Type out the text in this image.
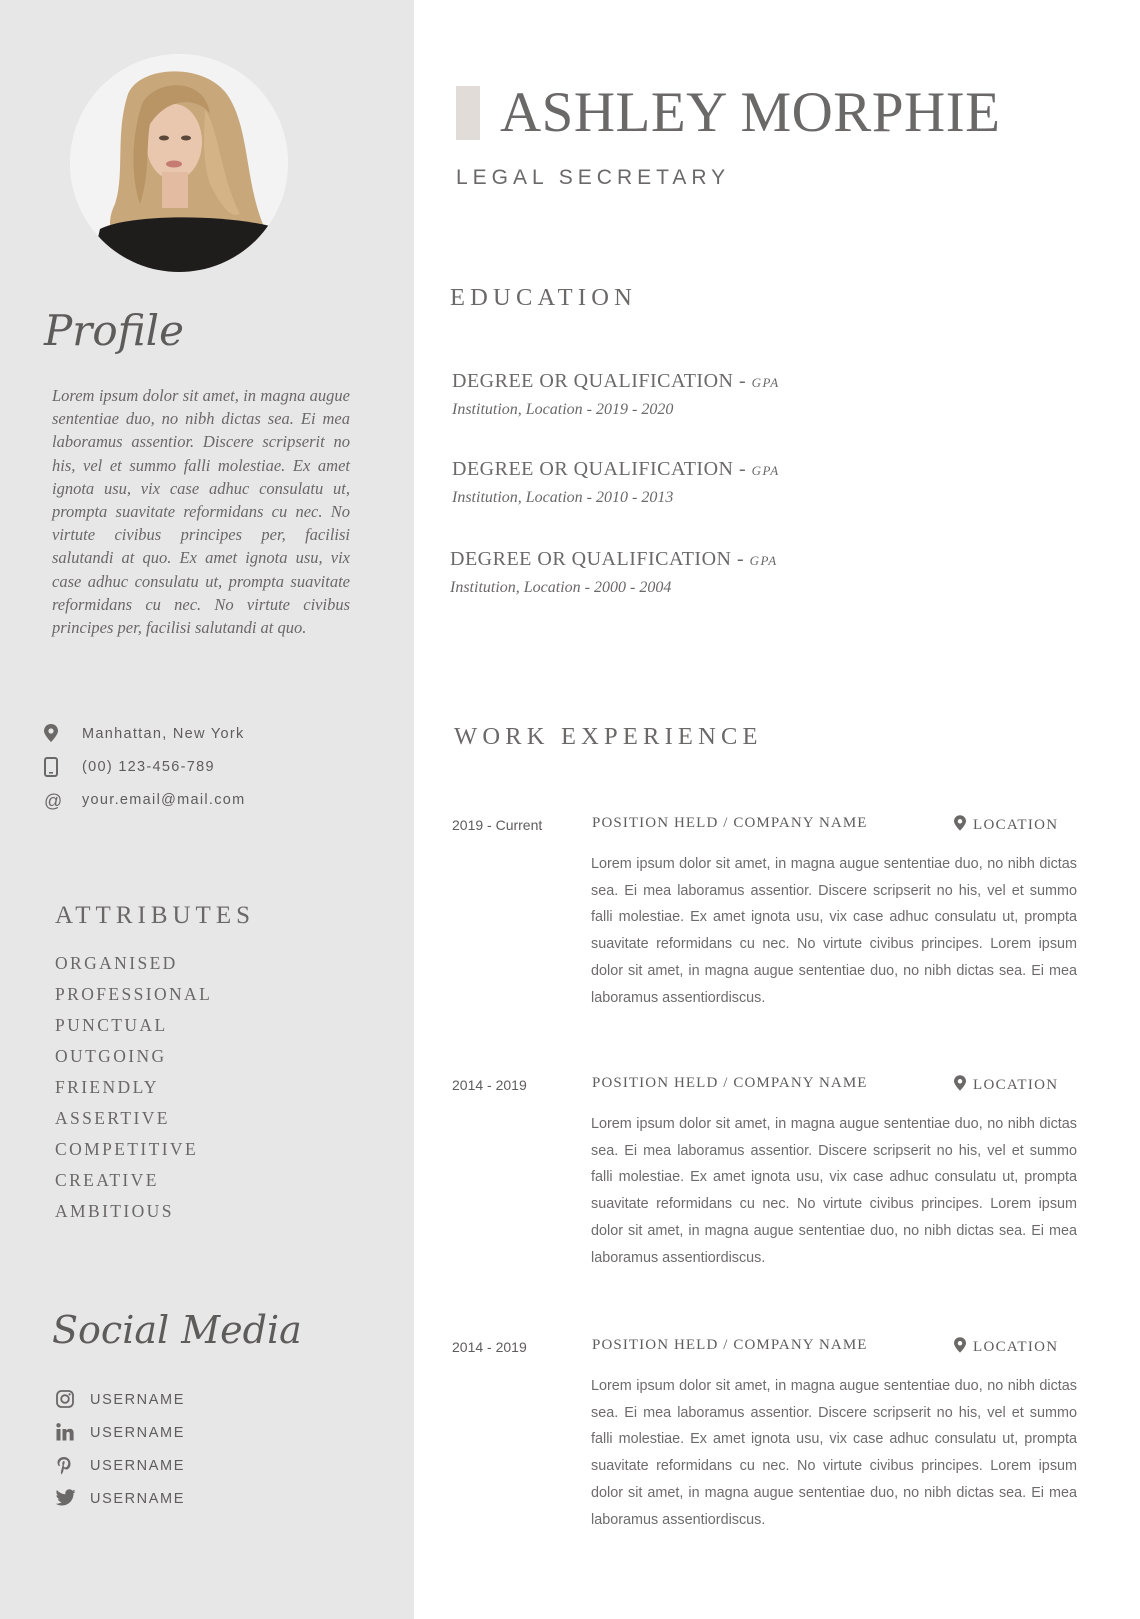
Profile

Lorem ipsum dolor sit amet, in magna augue sententiae duo, no nibh dictas sea. Ei mea laboramus assentior. Discere scripserit no his, vel et summo falli molestiae. Ex amet ignota usu, vix case adhuc consulatu ut, prompta suavitate reformidans cu nec. No virtute civibus principes per, facilisi salutandi at quo. Ex amet ignota usu, vix case adhuc consulatu ut, prompta suavitate reformidans cu nec. No virtute civibus principes per, facilisi salutandi at quo.

Manhattan, New York
(00) 123-456-789
@ your.email@mail.com
ATTRIBUTES
ORGANISED
PROFESSIONAL
PUNCTUAL
OUTGOING
FRIENDLY
ASSERTIVE
COMPETITIVE
CREATIVE
AMBITIOUS
Social Media
USERNAME
USERNAME
USERNAME
USERNAME
ASHLEY MORPHIE
LEGAL SECRETARY
EDUCATION
DEGREE OR QUALIFICATION - GPA
Institution, Location - 2019 - 2020
DEGREE OR QUALIFICATION - GPA
Institution, Location - 2010 - 2013
DEGREE OR QUALIFICATION - GPA
Institution, Location - 2000 - 2004
WORK EXPERIENCE
2019 - Current	POSITION HELD / COMPANY NAME	LOCATION

Lorem ipsum dolor sit amet, in magna augue sententiae duo, no nibh dictas sea. Ei mea laboramus assentior. Discere scripserit no his, vel et summo falli molestiae. Ex amet ignota usu, vix case adhuc consulatu ut, prompta suavitate reformidans cu nec. No virtute civibus principes. Lorem ipsum dolor sit amet, in magna augue sententiae duo, no nibh dictas sea. Ei mea laboramus assentiordiscus.

2014 - 2019	POSITION HELD / COMPANY NAME	LOCATION

Lorem ipsum dolor sit amet, in magna augue sententiae duo, no nibh dictas sea. Ei mea laboramus assentior. Discere scripserit no his, vel et summo falli molestiae. Ex amet ignota usu, vix case adhuc consulatu ut, prompta suavitate reformidans cu nec. No virtute civibus principes. Lorem ipsum dolor sit amet, in magna augue sententiae duo, no nibh dictas sea. Ei mea laboramus assentiordiscus.

2014 - 2019	POSITION HELD / COMPANY NAME	LOCATION

Lorem ipsum dolor sit amet, in magna augue sententiae duo, no nibh dictas sea. Ei mea laboramus assentior. Discere scripserit no his, vel et summo falli molestiae. Ex amet ignota usu, vix case adhuc consulatu ut, prompta suavitate reformidans cu nec. No virtute civibus principes. Lorem ipsum dolor sit amet, in magna augue sententiae duo, no nibh dictas sea. Ei mea laboramus assentiordiscus.
